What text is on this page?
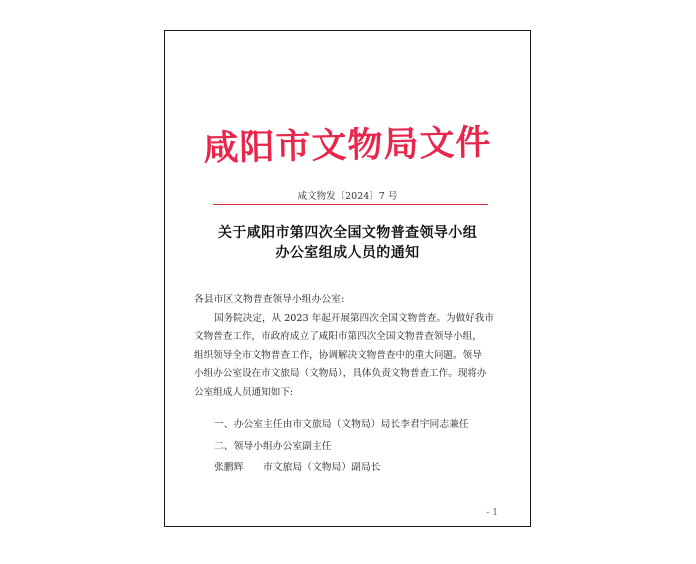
咸阳市文物局文件
咸文物发〔2024〕7 号
关于咸阳市第四次全国文物普查领导小组
办公室组成人员的通知
各县市区文物普查领导小组办公室:
国务院决定，从 2023 年起开展第四次全国文物普查。为做好我市
文物普查工作，市政府成立了咸阳市第四次全国文物普查领导小组，
组织领导全市文物普查工作，协调解决文物普查中的重大问题。领导
小组办公室设在市文旅局（文物局），具体负责文物普查工作。现将办
公室组成人员通知如下:
一、办公室主任由市文旅局（文物局）局长李君宇同志兼任
二、领导小组办公室副主任
张鹏辉 市文旅局（文物局）副局长
- 1
